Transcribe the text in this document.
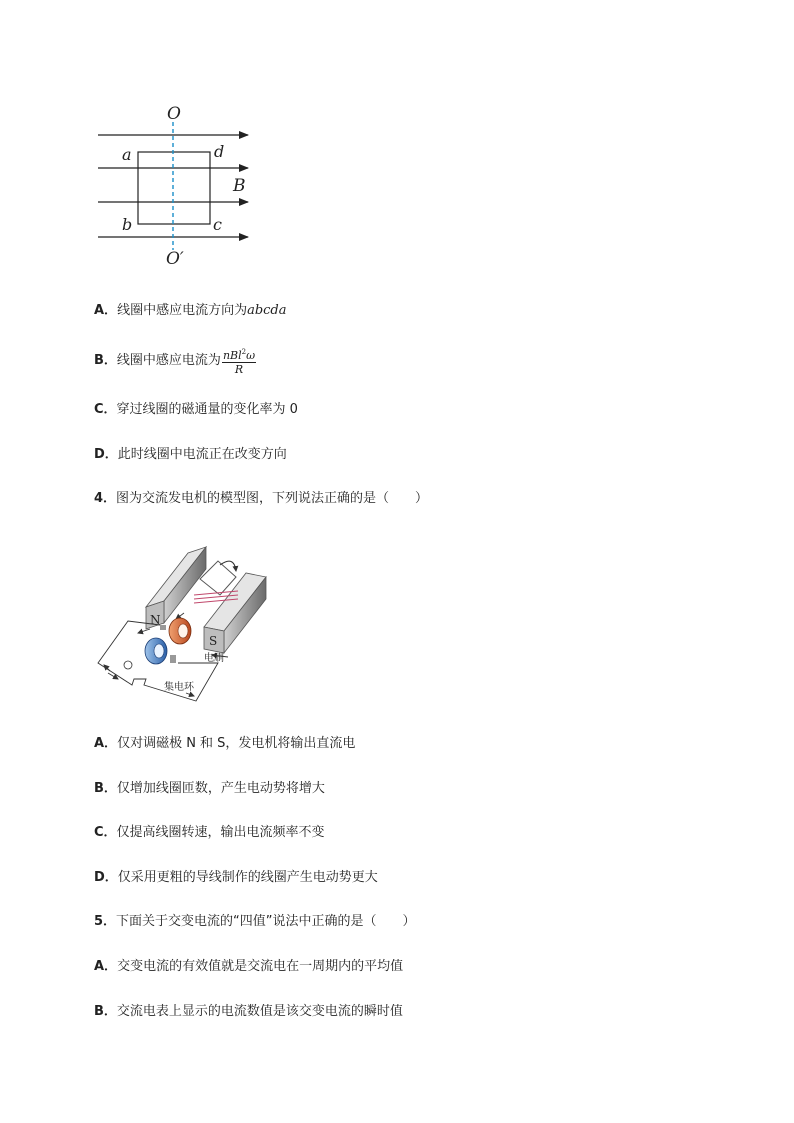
O
O′
a	d
b	c
B
A．线圈中感应电流方向为abcda
B．线圈中感应电流为 $\frac{nBl^2\omega}{R}$
C．穿过线圈的磁通量的变化率为 0
D．此时线圈中电流正在改变方向
4．图为交流发电机的模型图，下列说法正确的是（　　）
N
S
电刷
集电环
A．仅对调磁极 N 和 S，发电机将输出直流电
B．仅增加线圈匝数，产生电动势将增大
C．仅提高线圈转速，输出电流频率不变
D．仅采用更粗的导线制作的线圈产生电动势更大
5．下面关于交变电流的“四值”说法中正确的是（　　）
A．交变电流的有效值就是交流电在一周期内的平均值
B．交流电表上显示的电流数值是该交变电流的瞬时值
